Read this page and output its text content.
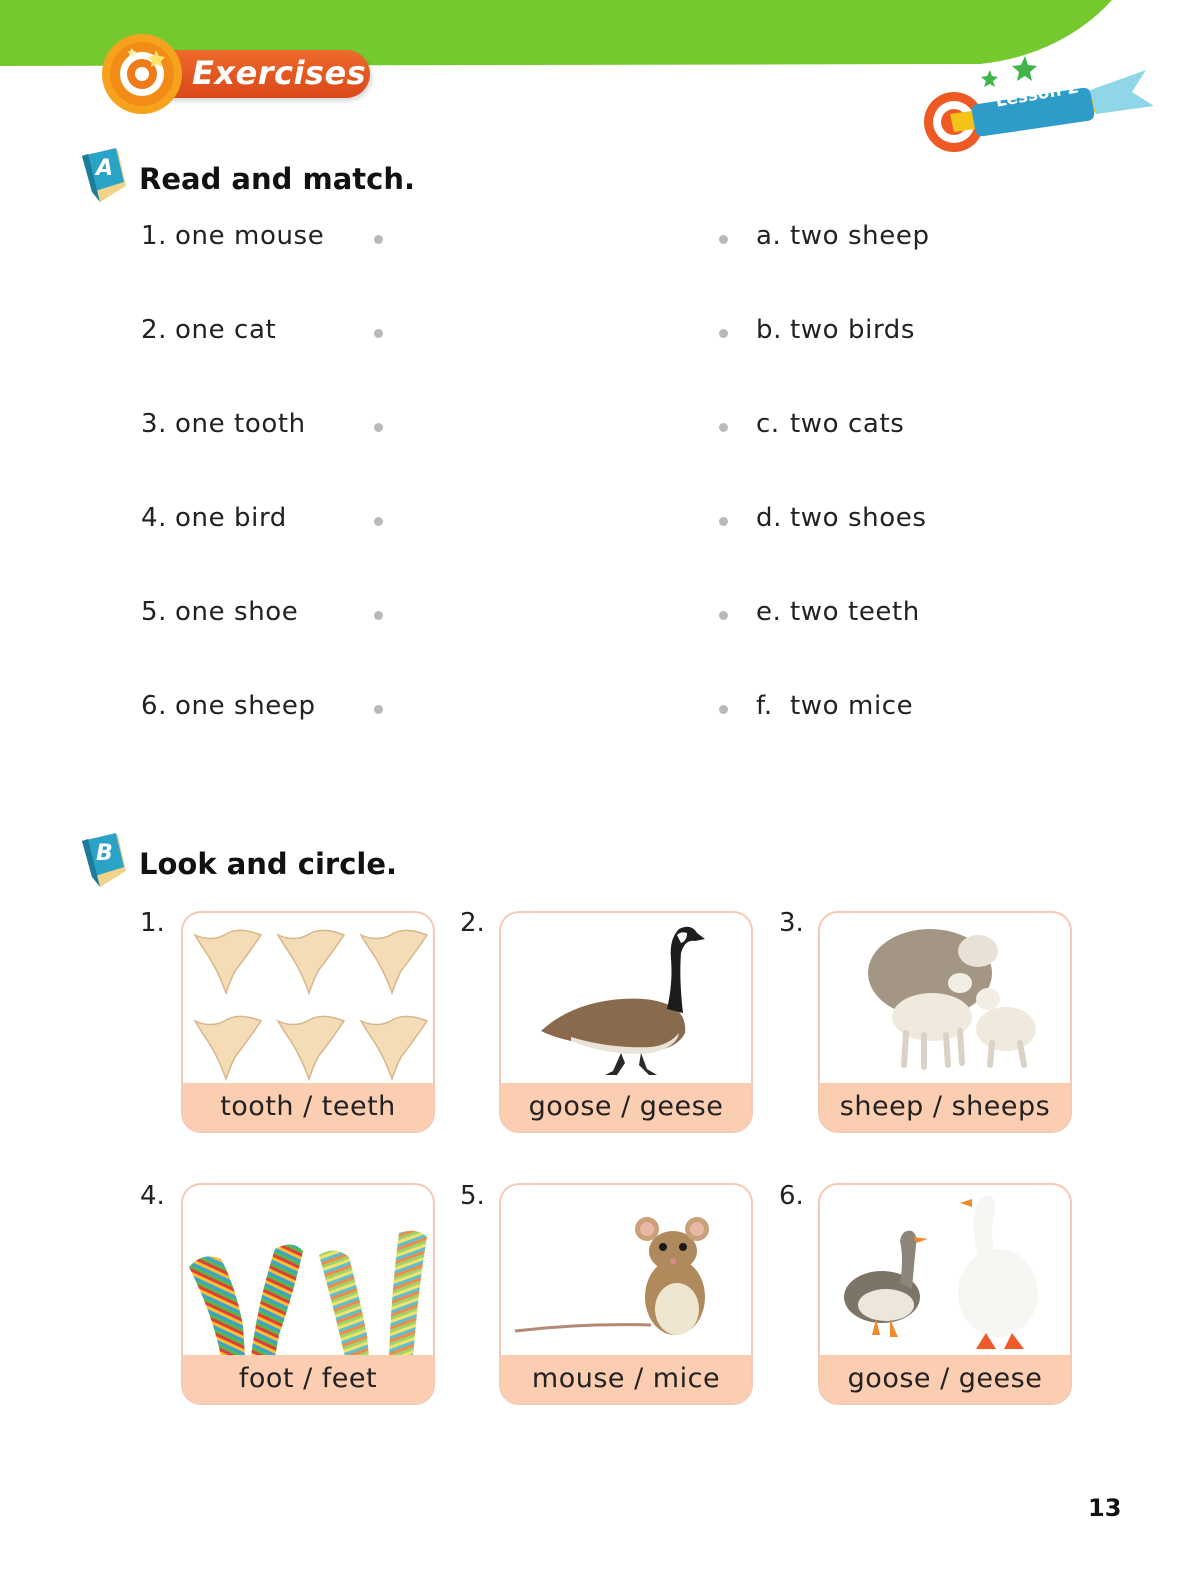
Exercises
Lesson 2
A Read and match.
1. one mouse
2. one cat
3. one tooth
4. one bird
5. one shoe
6. one sheep
a. two sheep
b. two birds
c. two cats
d. two shoes
e. two teeth
f. two mice
B Look and circle.
1.	2.	3.
4.	5.	6.
tooth / teeth	goose / geese	sheep / sheeps
foot / feet	mouse / mice	goose / geese
13
